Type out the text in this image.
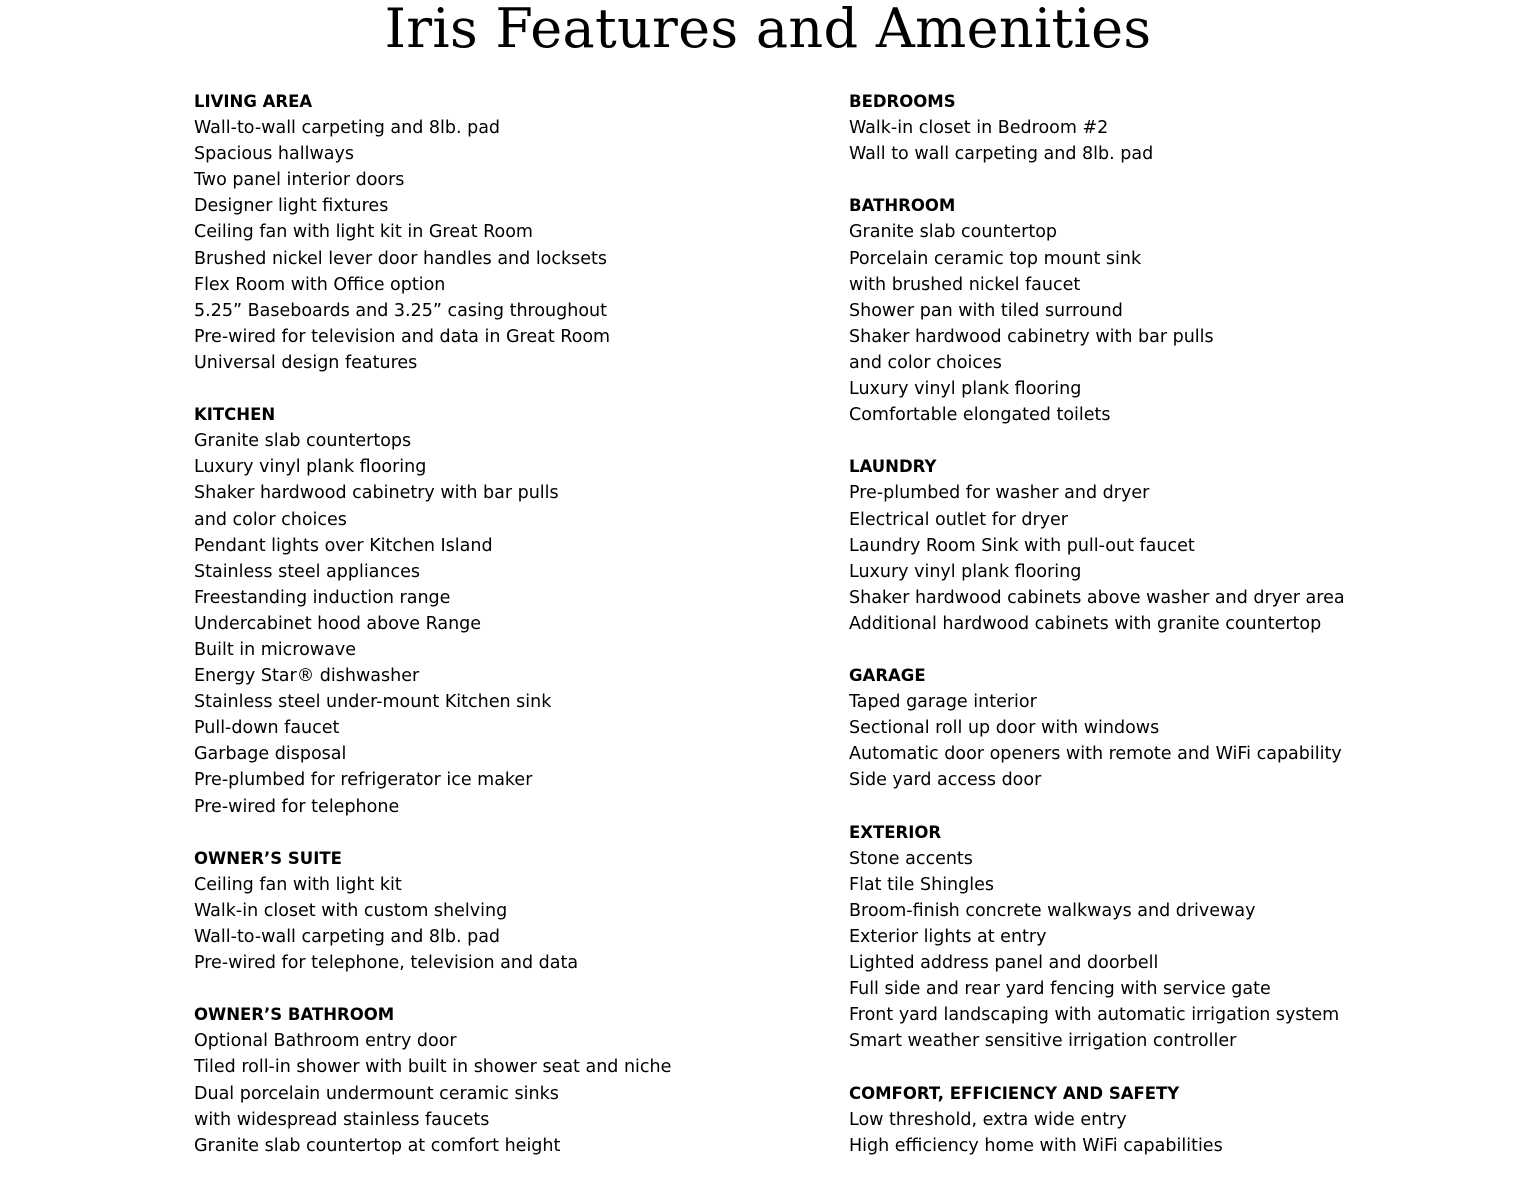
Iris Features and Amenities
LIVING AREA
Wall-to-wall carpeting and 8lb. pad
Spacious hallways
Two panel interior doors
Designer light fixtures
Ceiling fan with light kit in Great Room
Brushed nickel lever door handles and locksets
Flex Room with Office option
5.25” Baseboards and 3.25” casing throughout
Pre-wired for television and data in Great Room
Universal design features
KITCHEN
Granite slab countertops
Luxury vinyl plank flooring
Shaker hardwood cabinetry with bar pulls
and color choices
Pendant lights over Kitchen Island
Stainless steel appliances
Freestanding induction range
Undercabinet hood above Range
Built in microwave
Energy Star® dishwasher
Stainless steel under-mount Kitchen sink
Pull-down faucet
Garbage disposal
Pre-plumbed for refrigerator ice maker
Pre-wired for telephone
OWNER’S SUITE
Ceiling fan with light kit
Walk-in closet with custom shelving
Wall-to-wall carpeting and 8lb. pad
Pre-wired for telephone, television and data
OWNER’S BATHROOM
Optional Bathroom entry door
Tiled roll-in shower with built in shower seat and niche
Dual porcelain undermount ceramic sinks
with widespread stainless faucets
Granite slab countertop at comfort height
BEDROOMS
Walk-in closet in Bedroom #2
Wall to wall carpeting and 8lb. pad
BATHROOM
Granite slab countertop
Porcelain ceramic top mount sink
with brushed nickel faucet
Shower pan with tiled surround
Shaker hardwood cabinetry with bar pulls
and color choices
Luxury vinyl plank flooring
Comfortable elongated toilets
LAUNDRY
Pre-plumbed for washer and dryer
Electrical outlet for dryer
Laundry Room Sink with pull-out faucet
Luxury vinyl plank flooring
Shaker hardwood cabinets above washer and dryer area
Additional hardwood cabinets with granite countertop
GARAGE
Taped garage interior
Sectional roll up door with windows
Automatic door openers with remote and WiFi capability
Side yard access door
EXTERIOR
Stone accents
Flat tile Shingles
Broom-finish concrete walkways and driveway
Exterior lights at entry
Lighted address panel and doorbell
Full side and rear yard fencing with service gate
Front yard landscaping with automatic irrigation system
Smart weather sensitive irrigation controller
COMFORT, EFFICIENCY AND SAFETY
Low threshold, extra wide entry
High efficiency home with WiFi capabilities
